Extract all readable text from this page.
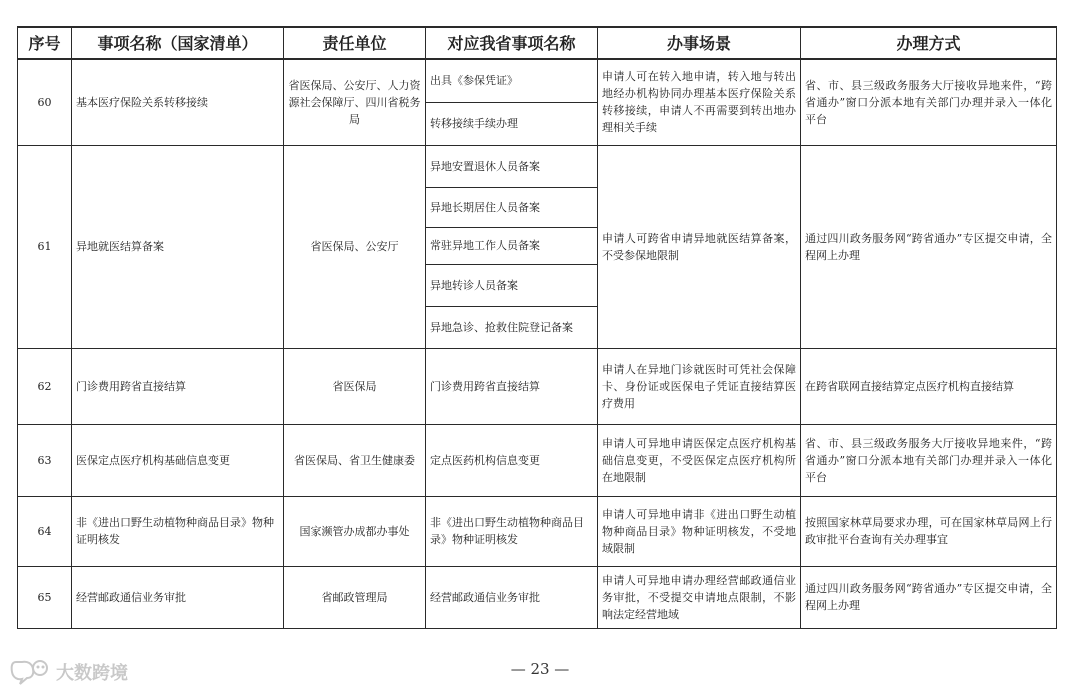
序号	事项名称（国家清单）	责任单位	对应我省事项名称	办事场景	办理方式
60	基本医疗保险关系转移接续	省医保局、公安厅、人力资源社会保障厅、四川省税务局	出具《参保凭证》	申请人可在转入地申请，转入地与转出地经办机构协同办理基本医疗保险关系转移接续，申请人不再需要到转出地办理相关手续	省、市、县三级政务服务大厅接收异地来件，“跨省通办”窗口分派本地有关部门办理并录入一体化平台
			转移接续手续办理		
61	异地就医结算备案	省医保局、公安厅	异地安置退休人员备案	申请人可跨省申请异地就医结算备案，不受参保地限制	通过四川政务服务网“跨省通办”专区提交申请，全程网上办理
			异地长期居住人员备案		
			常驻异地工作人员备案		
			异地转诊人员备案		
			异地急诊、抢救住院登记备案		
62	门诊费用跨省直接结算	省医保局	门诊费用跨省直接结算	申请人在异地门诊就医时可凭社会保障卡、身份证或医保电子凭证直接结算医疗费用	在跨省联网直接结算定点医疗机构直接结算
63	医保定点医疗机构基础信息变更	省医保局、省卫生健康委	定点医药机构信息变更	申请人可异地申请医保定点医疗机构基础信息变更，不受医保定点医疗机构所在地限制	省、市、县三级政务服务大厅接收异地来件，“跨省通办”窗口分派本地有关部门办理并录入一体化平台
64	非《进出口野生动植物种商品目录》物种证明核发	国家濒管办成都办事处	非《进出口野生动植物种商品目录》物种证明核发	申请人可异地申请非《进出口野生动植物种商品目录》物种证明核发，不受地域限制	按照国家林草局要求办理，可在国家林草局网上行政审批平台查询有关办理事宜
65	经营邮政通信业务审批	省邮政管理局	经营邮政通信业务审批	申请人可异地申请办理经营邮政通信业务审批，不受提交申请地点限制，不影响法定经营地域	通过四川政务服务网“跨省通办”专区提交申请，全程网上办理
大数跨境	— 23 —
